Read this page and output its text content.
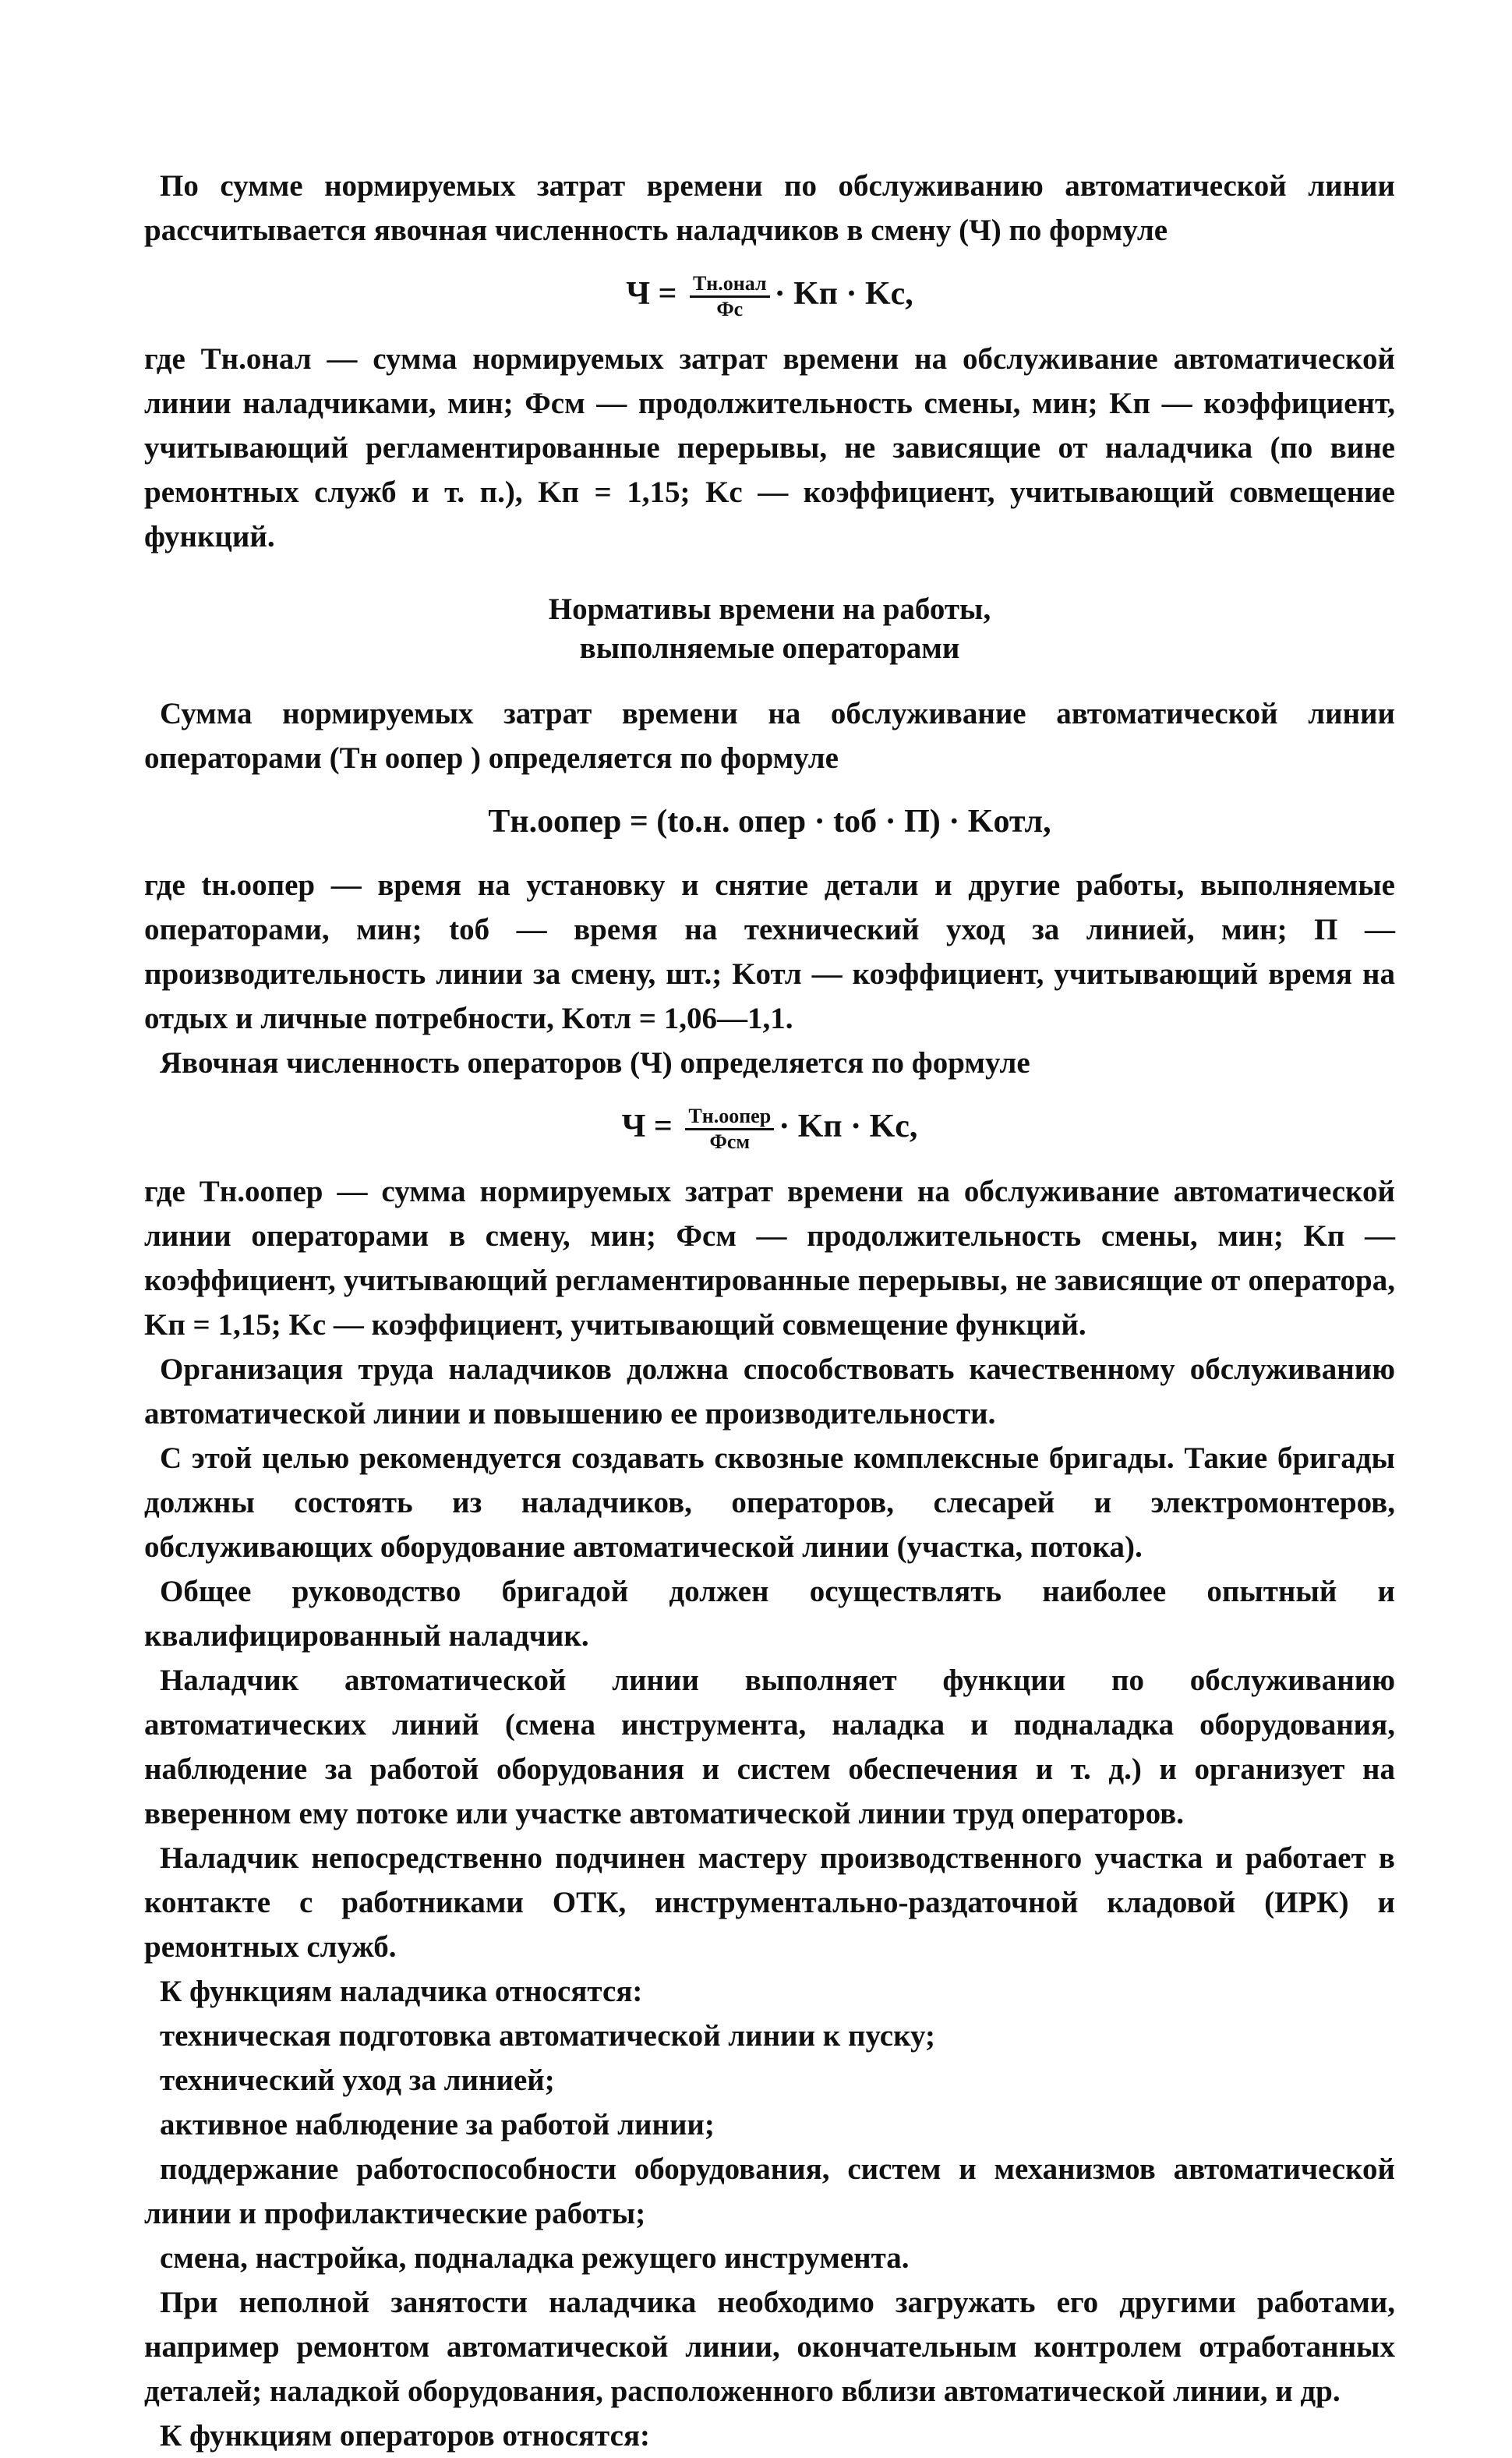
По сумме нормируемых затрат времени по обслуживанию автоматической линии рассчитывается явочная численность наладчиков в смену (Ч) по формуле

$Ч = \frac{\text{Tн.oнал}}{Фс}$ · Kп · Kс,

где Tн.oнал — сумма нормируемых затрат времени на обслуживание автоматической линии наладчиками, мин; Фсм — продолжительность смены, мин; Kп — коэффициент, учитывающий регламентированные перерывы, не зависящие от наладчика (по вине ремонтных служб и т. п.), Kп = 1,15; Kс — коэффициент, учитывающий совмещение функций.

Нормативы времени на работы,
выполняемые операторами

Сумма нормируемых затрат времени на обслуживание автоматической линии операторами (Tн oопер ) определяется по формуле

Tн.oопер = (tо.н. опер · tоб · П) · Kотл,

где tн.oопер — время на установку и снятие детали и другие работы, выполняемые операторами, мин; tоб — время на технический уход за линией, мин; П — производительность линии за смену, шт.; Kотл — коэффициент, учитывающий время на отдых и личные потребности, Kотл = 1,06—1,1.

Явочная численность операторов (Ч) определяется по формуле

$Ч = \frac{\text{Tн.oопер}}{\text{Фсм}}$ · Kп · Kс,

где Tн.oопер — сумма нормируемых затрат времени на обслуживание автоматической линии операторами в смену, мин; Фсм — продолжительность смены, мин; Kп — коэффициент, учитывающий регламентированные перерывы, не зависящие от оператора, Kп = 1,15; Kс — коэффициент, учитывающий совмещение функций.

Организация труда наладчиков должна способствовать качественному обслуживанию автоматической линии и повышению ее производительности.

С этой целью рекомендуется создавать сквозные комплексные бригады. Такие бригады должны состоять из наладчиков, операторов, слесарей и электромонтеров, обслуживающих оборудование автоматической линии (участка, потока).

Общее руководство бригадой должен осуществлять наиболее опытный и квалифицированный наладчик.

Наладчик автоматической линии выполняет функции по обслуживанию автоматических линий (смена инструмента, наладка и подналадка оборудования, наблюдение за работой оборудования и систем обеспечения и т. д.) и организует на вверенном ему потоке или участке автоматической линии труд операторов.

Наладчик непосредственно подчинен мастеру производственного участка и работает в контакте с работниками ОТК, инструментально-раздаточной кладовой (ИРК) и ремонтных служб.

К функциям наладчика относятся:

техническая подготовка автоматической линии к пуску;

технический уход за линией;

активное наблюдение за работой линии;

поддержание работоспособности оборудования, систем и механизмов автоматической линии и профилактические работы;

смена, настройка, подналадка режущего инструмента.

При неполной занятости наладчика необходимо загружать его другими работами, например ремонтом автоматической линии, окончательным контролем отработанных деталей; наладкой оборудования, расположенного вблизи автоматической линии, и др.

К функциям операторов относятся:
